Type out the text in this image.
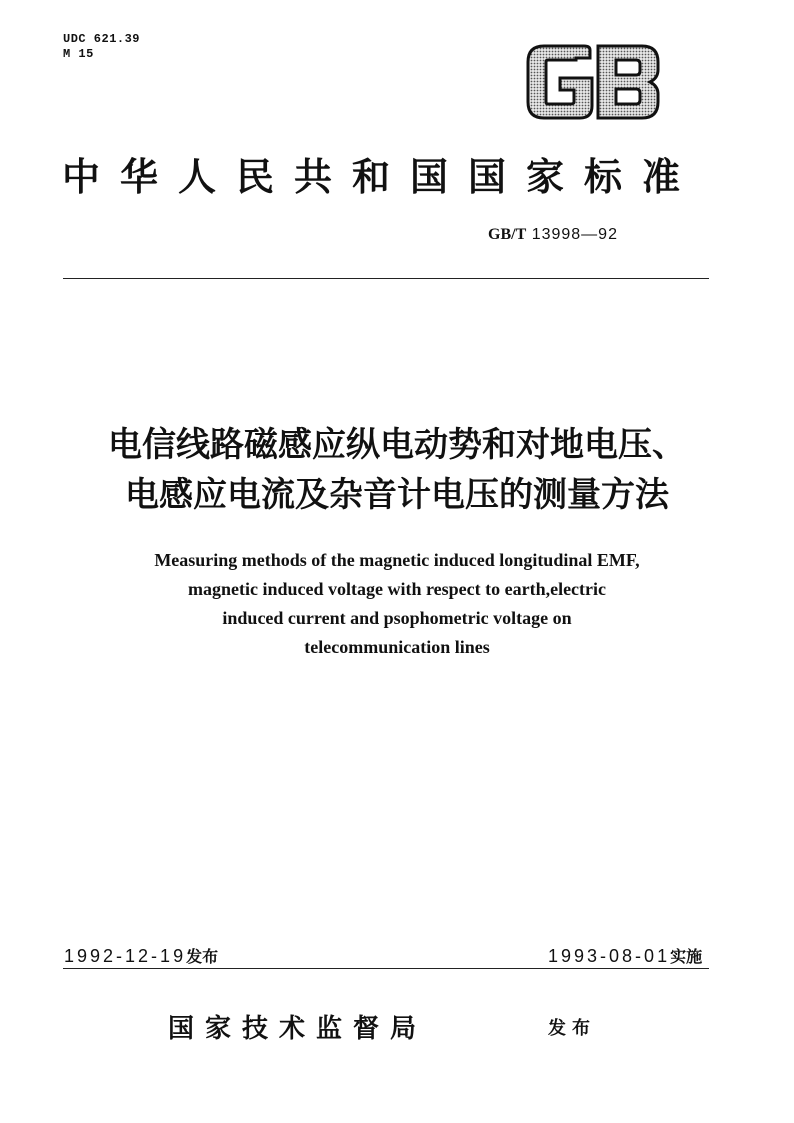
UDC 621.39
M 15
中华人民共和国国家标准
GB/T 13998—92
电信线路磁感应纵电动势和对地电压、
电感应电流及杂音计电压的测量方法
Measuring methods of the magnetic induced longitudinal EMF,
magnetic induced voltage with respect to earth,electric
induced current and psophometric voltage on
telecommunication lines
1992-12-19发布	1993-08-01实施
国家技术监督局	发布
